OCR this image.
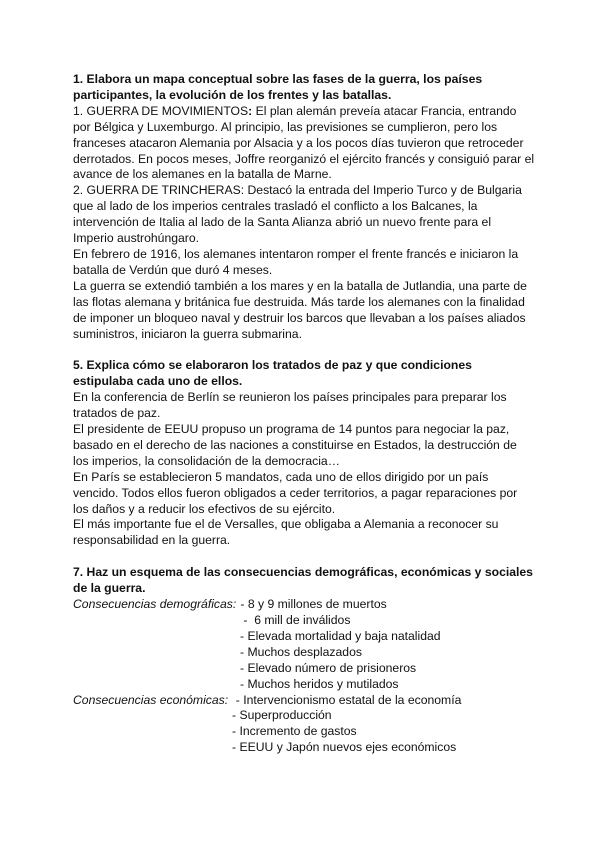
1. Elabora un mapa conceptual sobre las fases de la guerra, los países participantes, la evolución de los frentes y las batallas.

1. GUERRA DE MOVIMIENTOS: El plan alemán preveía atacar Francia, entrando por Bélgica y Luxemburgo. Al principio, las previsiones se cumplieron, pero los franceses atacaron Alemania por Alsacia y a los pocos días tuvieron que retroceder derrotados. En pocos meses, Joffre reorganizó el ejército francés y consiguió parar el avance de los alemanes en la batalla de Marne.

2. GUERRA DE TRINCHERAS: Destacó la entrada del Imperio Turco y de Bulgaria que al lado de los imperios centrales trasladó el conflicto a los Balcanes, la intervención de Italia al lado de la Santa Alianza abrió un nuevo frente para el Imperio austrohúngaro.

En febrero de 1916, los alemanes intentaron romper el frente francés e iniciaron la batalla de Verdún que duró 4 meses.

La guerra se extendió también a los mares y en la batalla de Jutlandia, una parte de las flotas alemana y británica fue destruida. Más tarde los alemanes con la finalidad de imponer un bloqueo naval y destruir los barcos que llevaban a los países aliados suministros, iniciaron la guerra submarina.

5. Explica cómo se elaboraron los tratados de paz y que condiciones estipulaba cada uno de ellos.

En la conferencia de Berlín se reunieron los países principales para preparar los tratados de paz.

El presidente de EEUU propuso un programa de 14 puntos para negociar la paz, basado en el derecho de las naciones a constituirse en Estados, la destrucción de los imperios, la consolidación de la democracia…

En París se establecieron 5 mandatos, cada uno de ellos dirigido por un país vencido. Todos ellos fueron obligados a ceder territorios, a pagar reparaciones por los daños y a reducir los efectivos de su ejército.

El más importante fue el de Versalles, que obligaba a Alemania a reconocer su responsabilidad en la guerra.

7. Haz un esquema de las consecuencias demográficas, económicas y sociales de la guerra.
Consecuencias demográficas: - 8 y 9 millones de muertos
-  6 mill de inválidos
- Elevada mortalidad y baja natalidad
- Muchos desplazados
- Elevado número de prisioneros
- Muchos heridos y mutilados
Consecuencias económicas: - Intervencionismo estatal de la economía
- Superproducción
- Incremento de gastos
- EEUU y Japón nuevos ejes económicos
